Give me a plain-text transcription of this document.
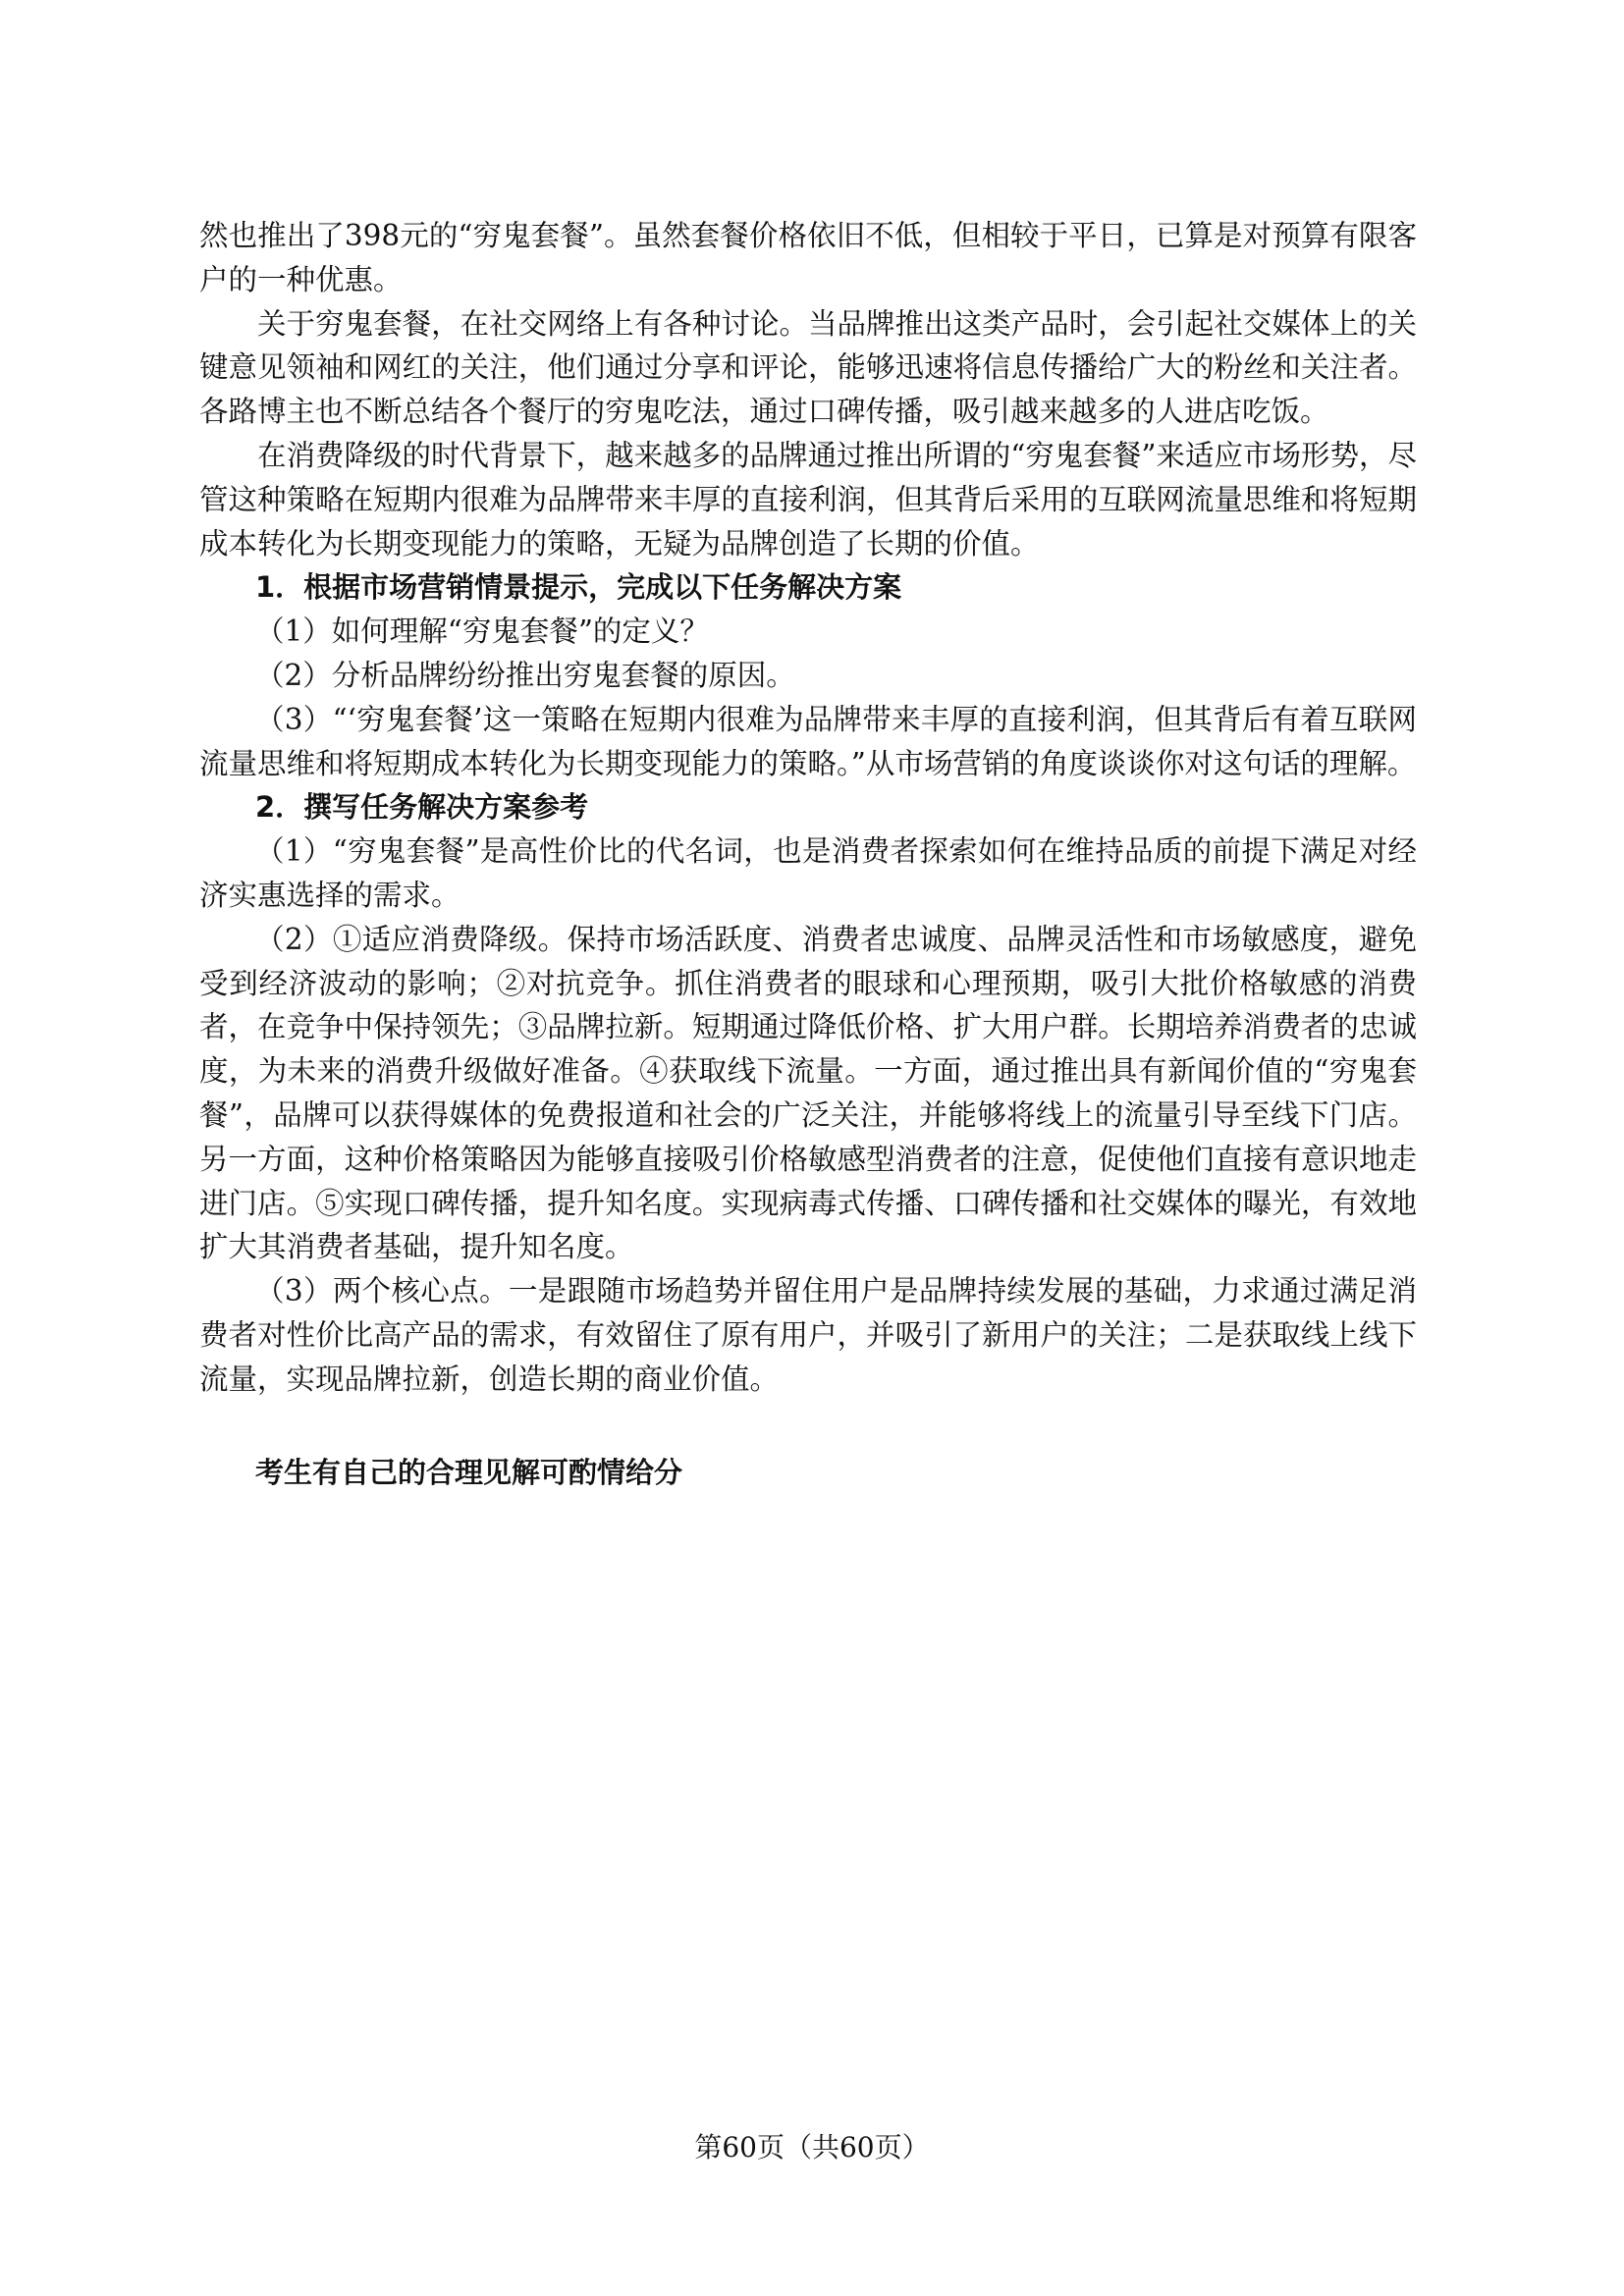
然也推出了398元的“穷鬼套餐”。虽然套餐价格依旧不低，但相较于平日，已算是对预算有限客户的一种优惠。

关于穷鬼套餐，在社交网络上有各种讨论。当品牌推出这类产品时，会引起社交媒体上的关键意见领袖和网红的关注，他们通过分享和评论，能够迅速将信息传播给广大的粉丝和关注者。各路博主也不断总结各个餐厅的穷鬼吃法，通过口碑传播，吸引越来越多的人进店吃饭。

在消费降级的时代背景下，越来越多的品牌通过推出所谓的“穷鬼套餐”来适应市场形势，尽管这种策略在短期内很难为品牌带来丰厚的直接利润，但其背后采用的互联网流量思维和将短期成本转化为长期变现能力的策略，无疑为品牌创造了长期的价值。

1．根据市场营销情景提示，完成以下任务解决方案

（1）如何理解“穷鬼套餐”的定义？

（2）分析品牌纷纷推出穷鬼套餐的原因。

（3）“‘穷鬼套餐’这一策略在短期内很难为品牌带来丰厚的直接利润，但其背后有着互联网流量思维和将短期成本转化为长期变现能力的策略。”从市场营销的角度谈谈你对这句话的理解。

2．撰写任务解决方案参考

（1）“穷鬼套餐”是高性价比的代名词，也是消费者探索如何在维持品质的前提下满足对经济实惠选择的需求。

（2）①适应消费降级。保持市场活跃度、消费者忠诚度、品牌灵活性和市场敏感度，避免受到经济波动的影响；②对抗竞争。抓住消费者的眼球和心理预期，吸引大批价格敏感的消费者，在竞争中保持领先；③品牌拉新。短期通过降低价格、扩大用户群。长期培养消费者的忠诚度，为未来的消费升级做好准备。④获取线下流量。一方面，通过推出具有新闻价值的“穷鬼套餐”，品牌可以获得媒体的免费报道和社会的广泛关注，并能够将线上的流量引导至线下门店。另一方面，这种价格策略因为能够直接吸引价格敏感型消费者的注意，促使他们直接有意识地走进门店。⑤实现口碑传播，提升知名度。实现病毒式传播、口碑传播和社交媒体的曝光，有效地扩大其消费者基础，提升知名度。

（3）两个核心点。一是跟随市场趋势并留住用户是品牌持续发展的基础，力求通过满足消费者对性价比高产品的需求，有效留住了原有用户，并吸引了新用户的关注；二是获取线上线下流量，实现品牌拉新，创造长期的商业价值。

考生有自己的合理见解可酌情给分

第60页（共60页）
